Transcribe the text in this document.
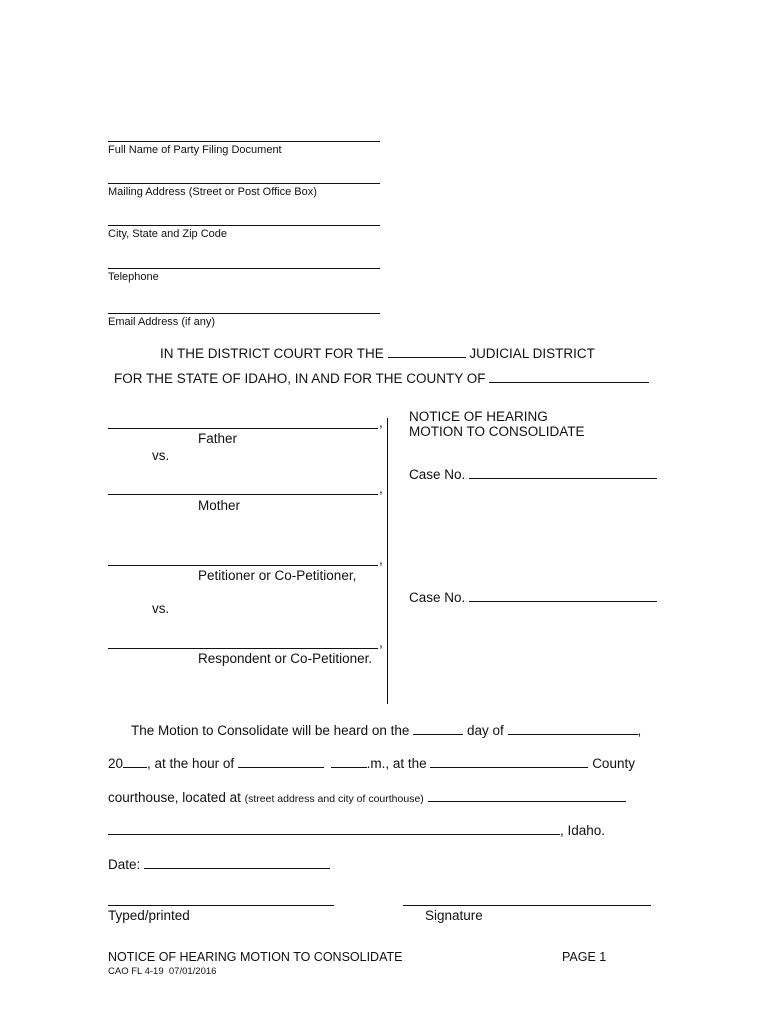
Full Name of Party Filing Document
Mailing Address (Street or Post Office Box)
City, State and Zip Code
Telephone
Email Address (if any)
IN THE DISTRICT COURT FOR THE	JUDICIAL DISTRICT
FOR THE STATE OF IDAHO, IN AND FOR THE COUNTY OF
,
Father
vs.
,
Mother
,
Petitioner or Co-Petitioner,
vs.
,
Respondent or Co-Petitioner.
NOTICE OF HEARING
MOTION TO CONSOLIDATE
Case No.
Case No.
The Motion to Consolidate will be heard on the	day of	,
20 , at the hour of	.m., at the	County
courthouse, located at (street address and city of courthouse)
, Idaho.
Date:
Typed/printed	Signature
NOTICE OF HEARING MOTION TO CONSOLIDATE	PAGE 1
CAO FL 4-19  07/01/2016
